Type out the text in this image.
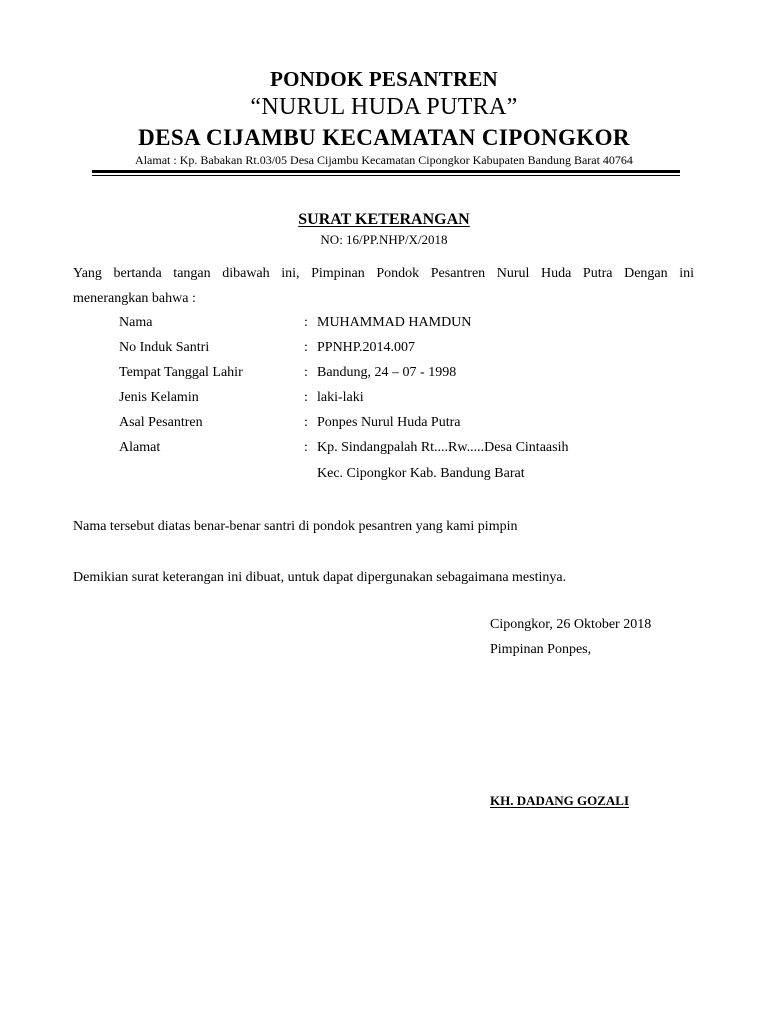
PONDOK PESANTREN
“NURUL HUDA PUTRA”
DESA CIJAMBU KECAMATAN CIPONGKOR
Alamat : Kp. Babakan Rt.03/05 Desa Cijambu Kecamatan Cipongkor Kabupaten Bandung Barat 40764
SURAT KETERANGAN
NO: 16/PP.NHP/X/2018
Yang bertanda tangan dibawah ini, Pimpinan Pondok Pesantren Nurul Huda Putra Dengan ini
menerangkan bahwa :
Nama	: MUHAMMAD HAMDUN
No Induk Santri	: PPNHP.2014.007
Tempat Tanggal Lahir	: Bandung, 24 – 07 - 1998
Jenis Kelamin	: laki-laki
Asal Pesantren	: Ponpes Nurul Huda Putra
Alamat	: Kp. Sindangpalah Rt....Rw.....Desa Cintaasih
Kec. Cipongkor Kab. Bandung Barat
Nama tersebut diatas benar-benar santri di pondok pesantren yang kami pimpin
Demikian surat keterangan ini dibuat, untuk dapat dipergunakan sebagaimana mestinya.
Cipongkor, 26 Oktober 2018
Pimpinan Ponpes,
KH. DADANG GOZALI
